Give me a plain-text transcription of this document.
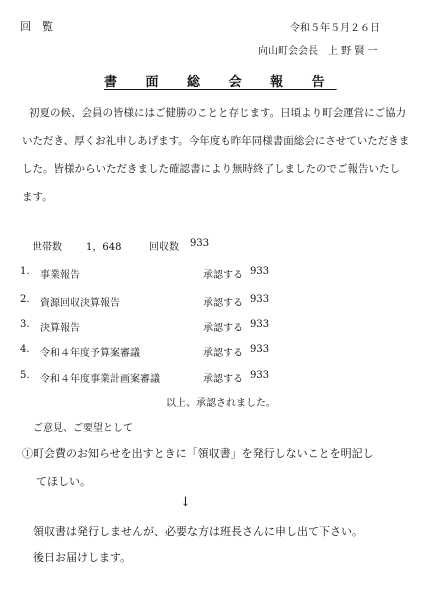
回　覧	令和５年５月２６日
向山町会会長　上 野 賢 一
書 面 総 会 報 告
初夏の候、会員の皆様にはご健勝のことと存じます。日頃より町会運営にご協力
いただき、厚くお礼申しあげます。今年度も昨年同様書面総会にさせていただきま
した。皆様からいただきました確認書により無時終了しましたのでご報告いたし
ます。
世帯数 1，648	回収数 933
1. 事業報告	承認する 933
2. 資源回収決算報告	承認する 933
3. 決算報告	承認する 933
4. 令和４年度予算案審議	承認する 933
5. 令和４年度事業計画案審議	承認する 933
以上、承認されました。
ご意見、ご要望として
①町会費のお知らせを出すときに「領収書」を発行しないことを明記し
てほしい。
↓
領収書は発行しませんが、必要な方は班長さんに申し出て下さい。
後日お届けします。
